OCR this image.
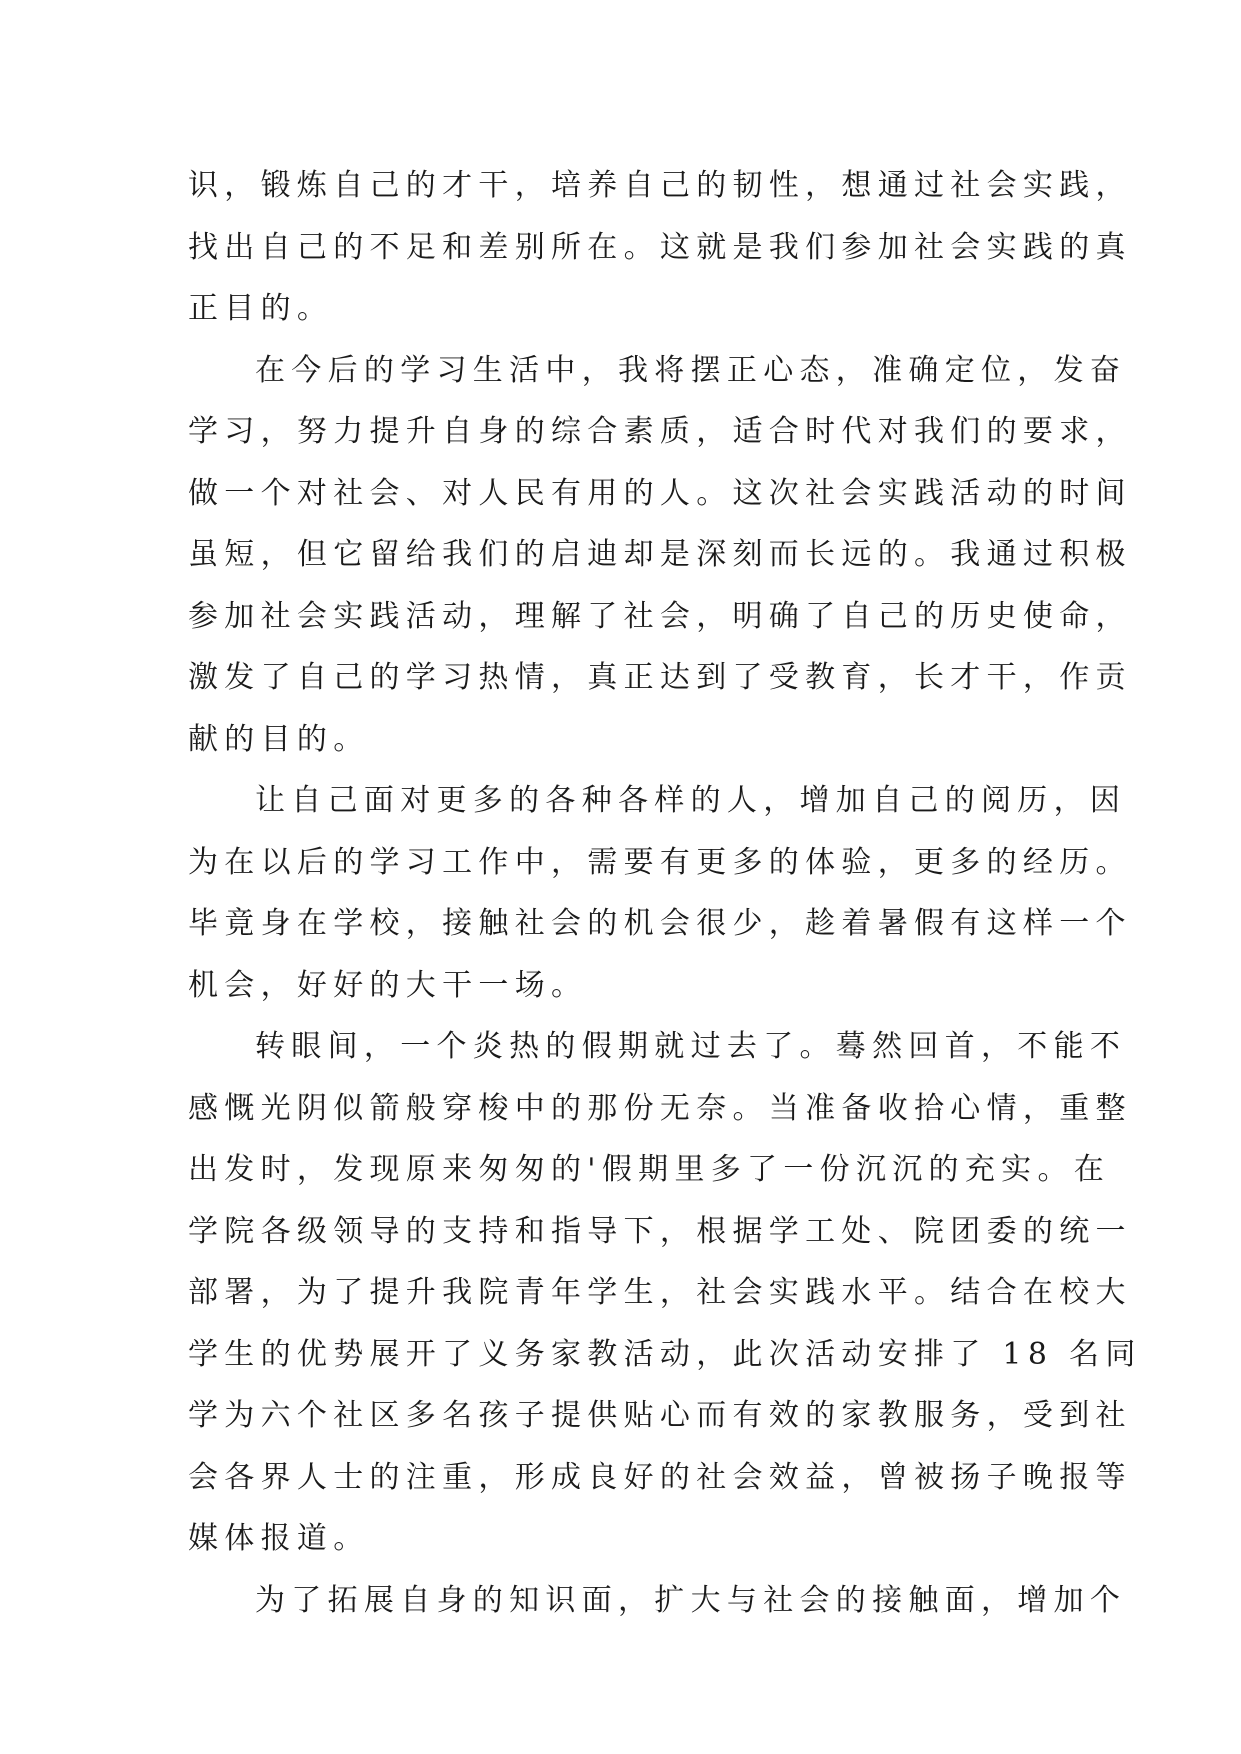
识，锻炼自己的才干，培养自己的韧性，想通过社会实践，
找出自己的不足和差别所在。这就是我们参加社会实践的真
正目的。
在今后的学习生活中，我将摆正心态，准确定位，发奋
学习，努力提升自身的综合素质，适合时代对我们的要求，
做一个对社会、对人民有用的人。这次社会实践活动的时间
虽短，但它留给我们的启迪却是深刻而长远的。我通过积极
参加社会实践活动，理解了社会，明确了自己的历史使命，
激发了自己的学习热情，真正达到了受教育，长才干，作贡
献的目的。
让自己面对更多的各种各样的人，增加自己的阅历，因
为在以后的学习工作中，需要有更多的体验，更多的经历。
毕竟身在学校，接触社会的机会很少，趁着暑假有这样一个
机会，好好的大干一场。
转眼间，一个炎热的假期就过去了。蓦然回首，不能不
感慨光阴似箭般穿梭中的那份无奈。当准备收拾心情，重整
出发时，发现原来匆匆的'假期里多了一份沉沉的充实。在
学院各级领导的支持和指导下，根据学工处、院团委的统一
部署，为了提升我院青年学生，社会实践水平。结合在校大
学生的优势展开了义务家教活动，此次活动安排了 18 名同
学为六个社区多名孩子提供贴心而有效的家教服务，受到社
会各界人士的注重，形成良好的社会效益，曾被扬子晚报等
媒体报道。
为了拓展自身的知识面，扩大与社会的接触面，增加个
